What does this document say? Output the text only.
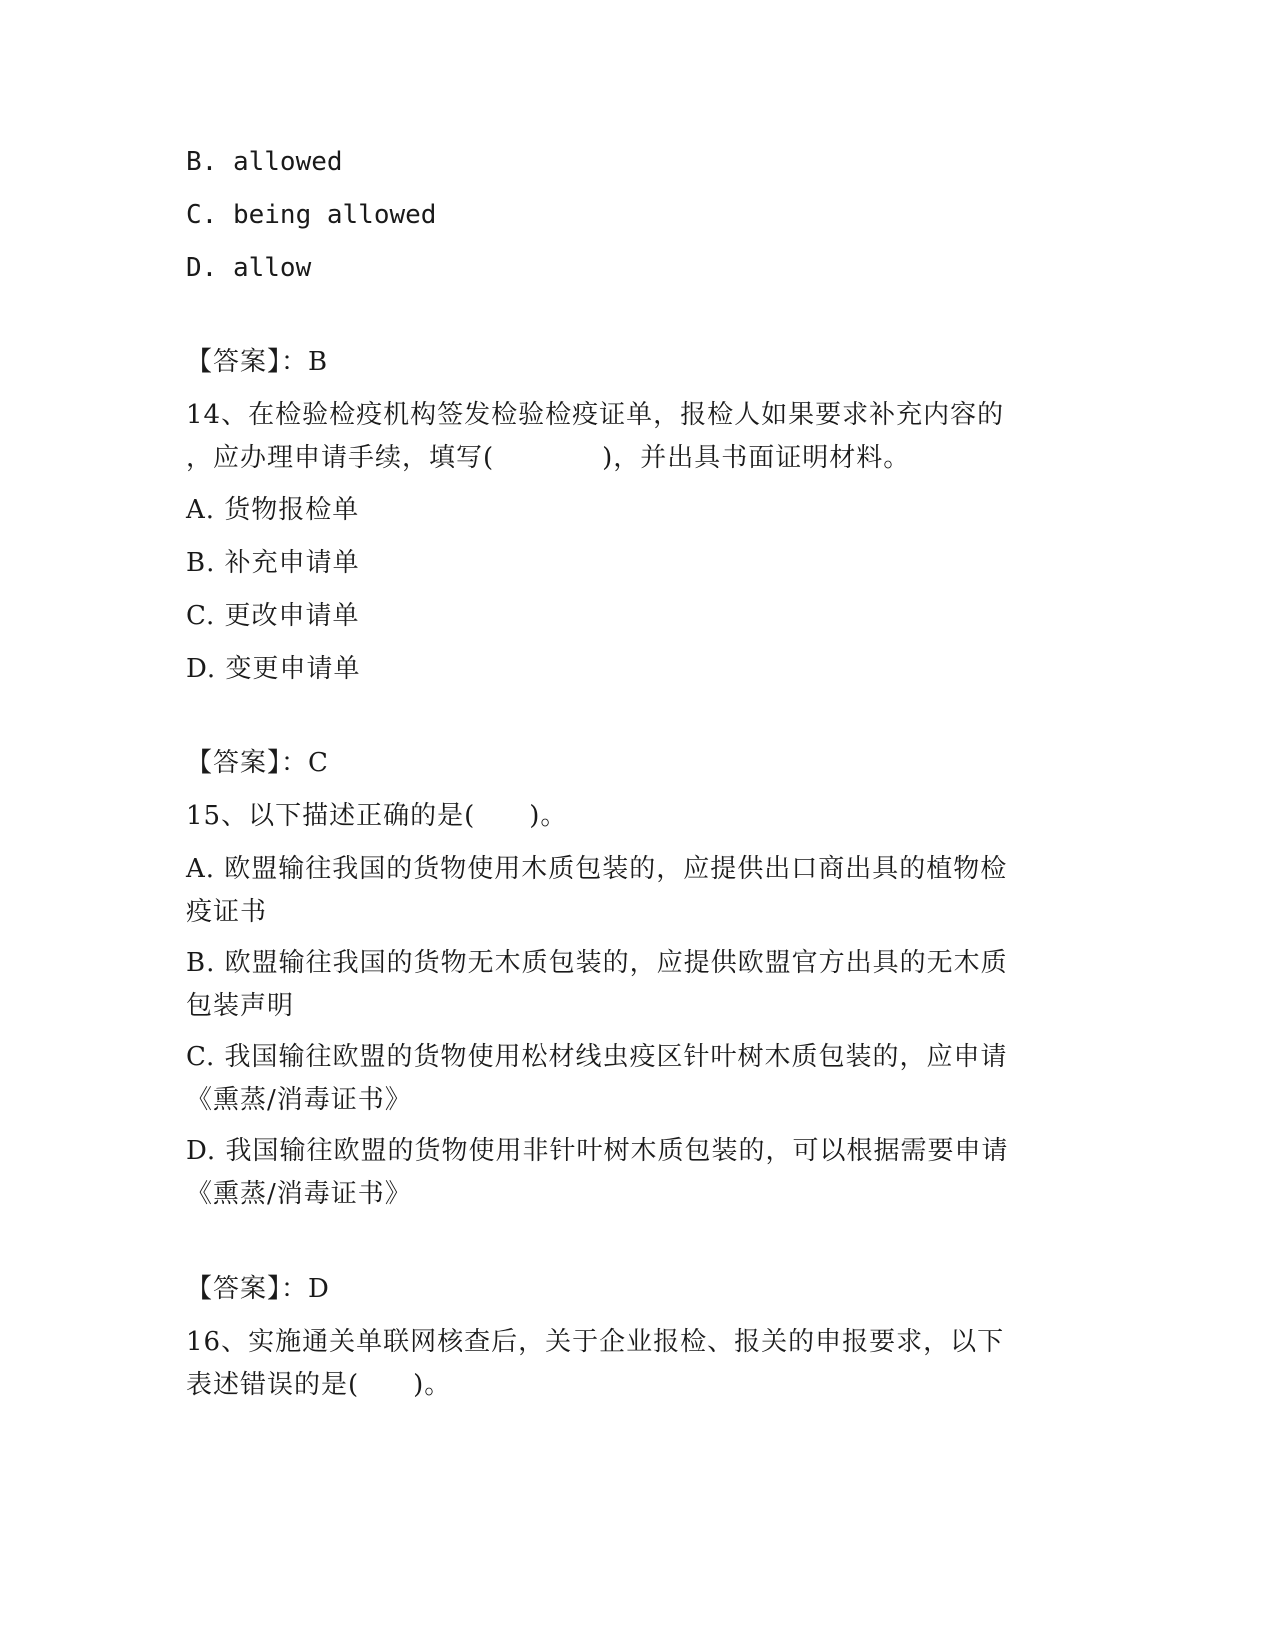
B. allowed
C. being allowed
D. allow
【答案】：B
14、在检验检疫机构签发检验检疫证单，报检人如果要求补充内容的
，应办理申请手续，填写(　　　　)，并出具书面证明材料。
A. 货物报检单
B. 补充申请单
C. 更改申请单
D. 变更申请单
【答案】：C
15、以下描述正确的是(　　)。
A. 欧盟输往我国的货物使用木质包装的，应提供出口商出具的植物检
疫证书
B. 欧盟输往我国的货物无木质包装的，应提供欧盟官方出具的无木质
包装声明
C. 我国输往欧盟的货物使用松材线虫疫区针叶树木质包装的，应申请
《熏蒸/消毒证书》
D. 我国输往欧盟的货物使用非针叶树木质包装的，可以根据需要申请
《熏蒸/消毒证书》
【答案】：D
16、实施通关单联网核查后，关于企业报检、报关的申报要求，以下
表述错误的是(　　)。
